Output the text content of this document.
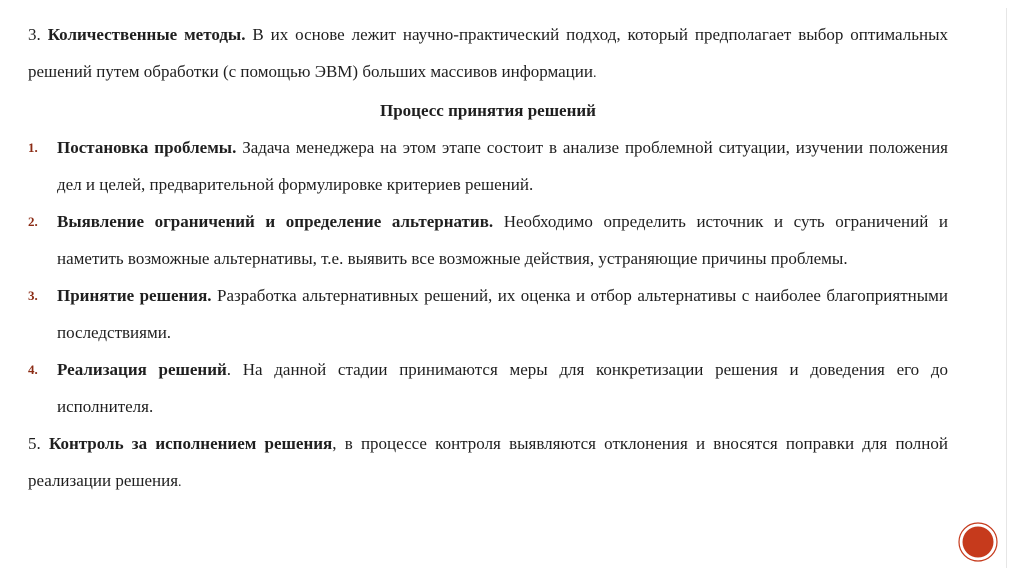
3. Количественные методы. В их основе лежит научно-практический подход, который предполагает выбор оптимальных решений путем обработки (с помощью ЭВМ) больших массивов информации.

Процесс принятия решений

1. Постановка проблемы. Задача менеджера на этом этапе состоит в анализе проблемной ситуации, изучении положения дел и целей, предварительной формулировке критериев решений.
2. Выявление ограничений и определение альтернатив. Необходимо определить источник и суть ограничений и наметить возможные альтернативы, т.е. выявить все возможные действия, устраняющие причины проблемы.
3. Принятие решения. Разработка альтернативных решений, их оценка и отбор альтернативы с наиболее благоприятными последствиями.
4. Реализация решений. На данной стадии принимаются меры для конкретизации решения и доведения его до исполнителя.

5. Контроль за исполнением решения, в процессе контроля выявляются отклонения и вносятся поправки для полной реализации решения.
